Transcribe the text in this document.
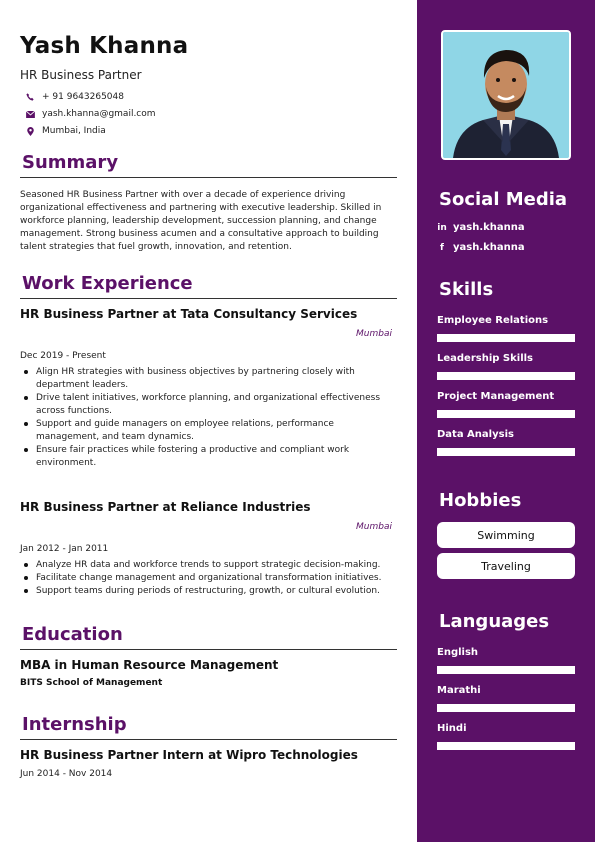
Yash Khanna
HR Business Partner
+ 91 9643265048
yash.khanna@gmail.com
Mumbai, India
Summary
Seasoned HR Business Partner with over a decade of experience driving organizational effectiveness and partnering with executive leadership. Skilled in workforce planning, leadership development, succession planning, and change management. Strong business acumen and a consultative approach to building talent strategies that fuel growth, innovation, and retention.
Work Experience
HR Business Partner at Tata Consultancy Services
Mumbai
Dec 2019 - Present
Align HR strategies with business objectives by partnering closely with department leaders.
Drive talent initiatives, workforce planning, and organizational effectiveness across functions.
Support and guide managers on employee relations, performance management, and team dynamics.
Ensure fair practices while fostering a productive and compliant work environment.
HR Business Partner at Reliance Industries
Mumbai
Jan 2012 - Jan 2011
Analyze HR data and workforce trends to support strategic decision-making.
Facilitate change management and organizational transformation initiatives.
Support teams during periods of restructuring, growth, or cultural evolution.
Education
MBA in Human Resource Management
BITS School of Management
Internship
HR Business Partner Intern at Wipro Technologies
Jun 2014 - Nov 2014
Social Media
in yash.khanna
f yash.khanna
Skills
Employee Relations
Leadership Skills
Project Management
Data Analysis
Hobbies
Swimming
Traveling
Languages
English
Marathi
Hindi
